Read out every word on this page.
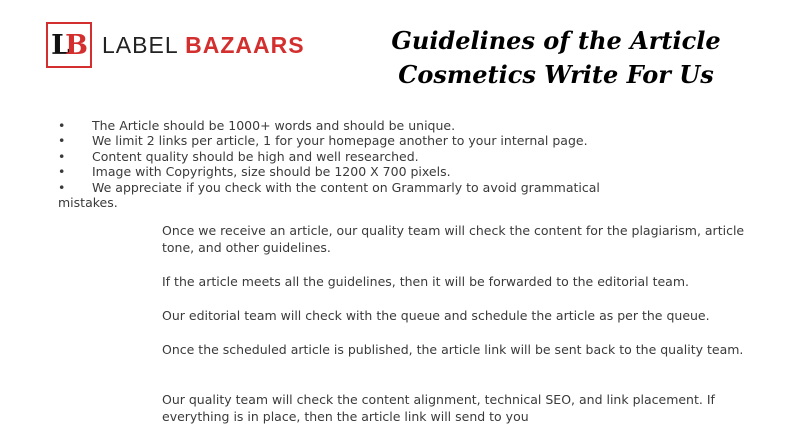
L B LABEL BAZAARS	Guidelines of the Article
Cosmetics Write For Us
• The Article should be 1000+ words and should be unique.
• We limit 2 links per article, 1 for your homepage another to your internal page.
• Content quality should be high and well researched.
• Image with Copyrights, size should be 1200 X 700 pixels.
• We appreciate if you check with the content on Grammarly to avoid grammatical
mistakes.

Once we receive an article, our quality team will check the content for the plagiarism, article tone, and other guidelines.

If the article meets all the guidelines, then it will be forwarded to the editorial team.

Our editorial team will check with the queue and schedule the article as per the queue.

Once the scheduled article is published, the article link will be sent back to the quality team.

Our quality team will check the content alignment, technical SEO, and link placement. If everything is in place, then the article link will send to you
